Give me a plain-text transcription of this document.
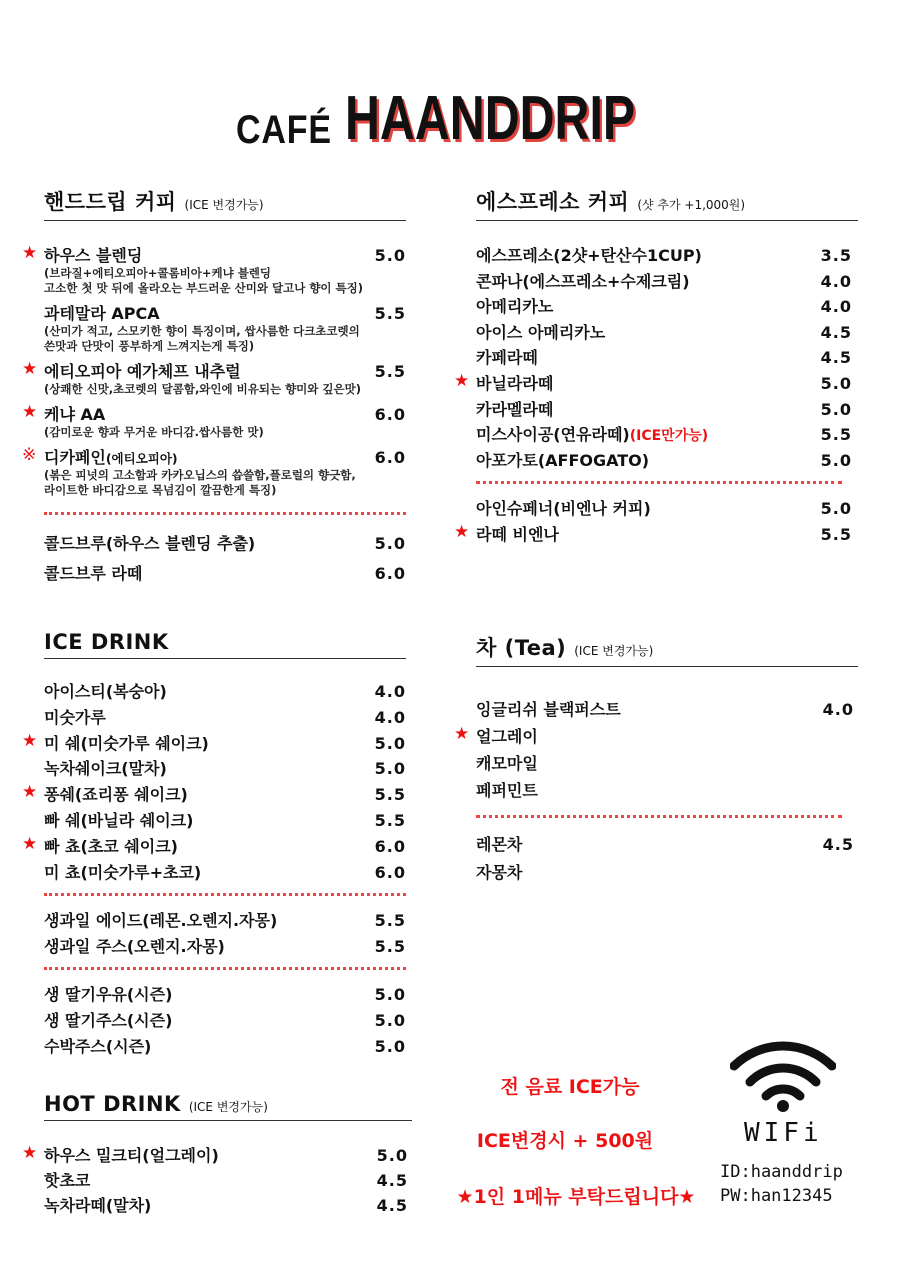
CAFÉ HAANDDRIP
핸드드립 커피 (ICE 변경가능)
★ 하우스 블렌딩	5.0
(브라질+에티오피아+콜롬비아+케냐 블렌딩
고소한 첫 맛 뒤에 올라오는 부드러운 산미와 달고나 향이 특징)
과테말라 APCA	5.5
(산미가 적고, 스모키한 향이 특징이며, 쌉사름한 다크초코렛의
쓴맛과 단맛이 풍부하게 느껴지는게 특징)
★ 에티오피아 예가체프 내추럴	5.5
(상쾌한 신맛,초코렛의 달콤함,와인에 비유되는 향미와 깊은맛)
★ 케냐 AA	6.0
(감미로운 향과 무거운 바디감.쌉사름한 맛)
※ 디카페인(에티오피아)	6.0
(볶은 피넛의 고소함과 카카오닙스의 씁쓸함,플로럴의 향긋함,
라이트한 바디감으로 목넘김이 깔끔한게 특징)
콜드브루(하우스 블렌딩 추출)	5.0
콜드브루 라떼	6.0
에스프레소 커피 (샷 추가 +1,000원)
에스프레소(2샷+탄산수1CUP)	3.5
콘파나(에스프레소+수제크림)	4.0
아메리카노	4.0
아이스 아메리카노	4.5
카페라떼	4.5
★ 바닐라라떼	5.0
카라멜라떼	5.0
미스사이공(연유라떼)(ICE만가능)	5.5
아포가토(AFFOGATO)	5.0
아인슈페너(비엔나 커피)	5.0
★ 라떼 비엔나	5.5
ICE DRINK
아이스티(복숭아)	4.0
미숫가루	4.0
★ 미 쉐(미숫가루 쉐이크)	5.0
녹차쉐이크(말차)	5.0
★ 퐁쉐(죠리퐁 쉐이크)	5.5
빠 쉐(바닐라 쉐이크)	5.5
★ 빠 쵸(초코 쉐이크)	6.0
미 쵸(미숫가루+초코)	6.0
생과일 에이드(레몬.오렌지.자몽)	5.5
생과일 주스(오렌지.자몽)	5.5
생 딸기우유(시즌)	5.0
생 딸기주스(시즌)	5.0
수박주스(시즌)	5.0
차 (Tea) (ICE 변경가능)
잉글리쉬 블랙퍼스트	4.0
★ 얼그레이
캐모마일
페퍼민트
레몬차	4.5
자몽차
HOT DRINK (ICE 변경가능)
★ 하우스 밀크티(얼그레이)	5.0
핫초코	4.5
녹차라떼(말차)	4.5
전 음료 ICE가능
ICE변경시 + 500원
★1인 1메뉴 부탁드립니다★
WIFi
ID:haanddrip
PW:han12345
